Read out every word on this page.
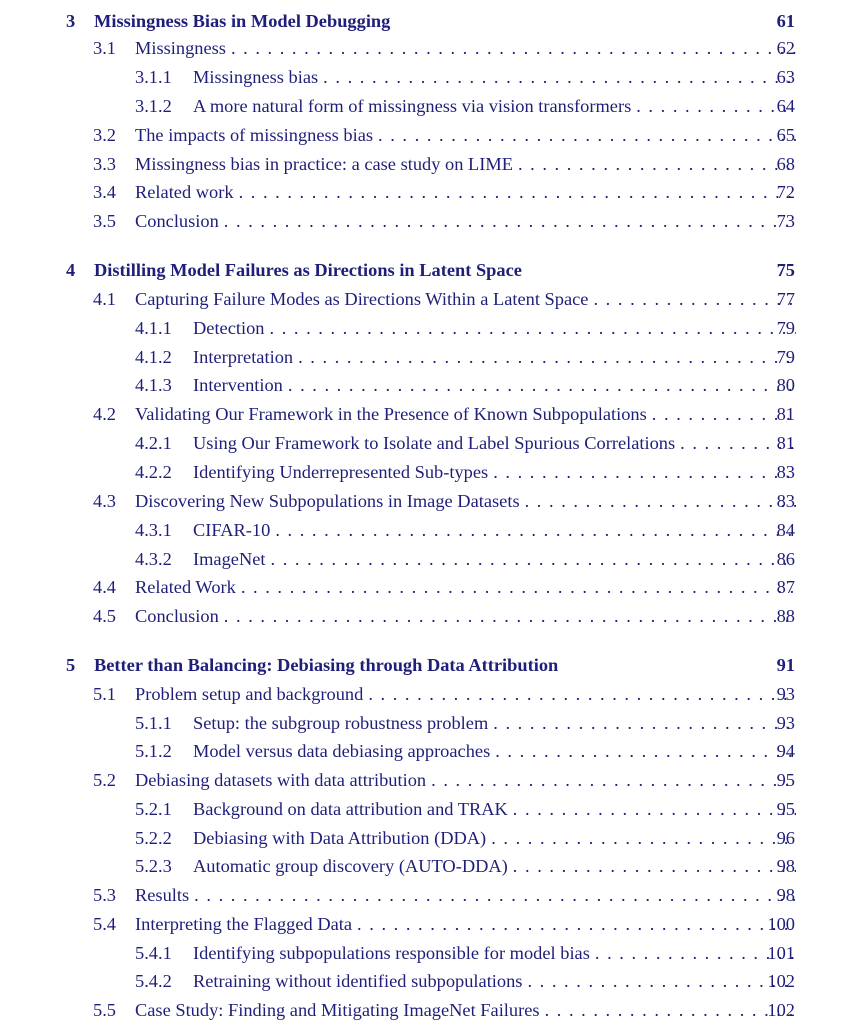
3 Missingness Bias in Model Debugging	61
3.1 Missingness . . .	62
3.1.1 Missingness bias . . .	63
3.1.2 A more natural form of missingness via vision transformers . . .	64
3.2 The impacts of missingness bias . . .	65
3.3 Missingness bias in practice: a case study on LIME . . .	68
3.4 Related work . . .	72
3.5 Conclusion . . .	73
4 Distilling Model Failures as Directions in Latent Space	75
4.1 Capturing Failure Modes as Directions Within a Latent Space . . .	77
4.1.1 Detection . . .	79
4.1.2 Interpretation . . .	79
4.1.3 Intervention . . .	80
4.2 Validating Our Framework in the Presence of Known Subpopulations . . .	81
4.2.1 Using Our Framework to Isolate and Label Spurious Correlations . . .	81
4.2.2 Identifying Underrepresented Sub-types . . .	83
4.3 Discovering New Subpopulations in Image Datasets . . .	83
4.3.1 CIFAR-10 . . .	84
4.3.2 ImageNet . . .	86
4.4 Related Work . . .	87
4.5 Conclusion . . .	88
5 Better than Balancing: Debiasing through Data Attribution	91
5.1 Problem setup and background . . .	93
5.1.1 Setup: the subgroup robustness problem . . .	93
5.1.2 Model versus data debiasing approaches . . .	94
5.2 Debiasing datasets with data attribution . . .	95
5.2.1 Background on data attribution and TRAK . . .	95
5.2.2 Debiasing with Data Attribution (DDA) . . .	96
5.2.3 Automatic group discovery (AUTO-DDA) . . .	98
5.3 Results . . .	98
5.4 Interpreting the Flagged Data . . .	100
5.4.1 Identifying subpopulations responsible for model bias . . .	101
5.4.2 Retraining without identified subpopulations . . .	102
5.5 Case Study: Finding and Mitigating ImageNet Failures . . .	102
